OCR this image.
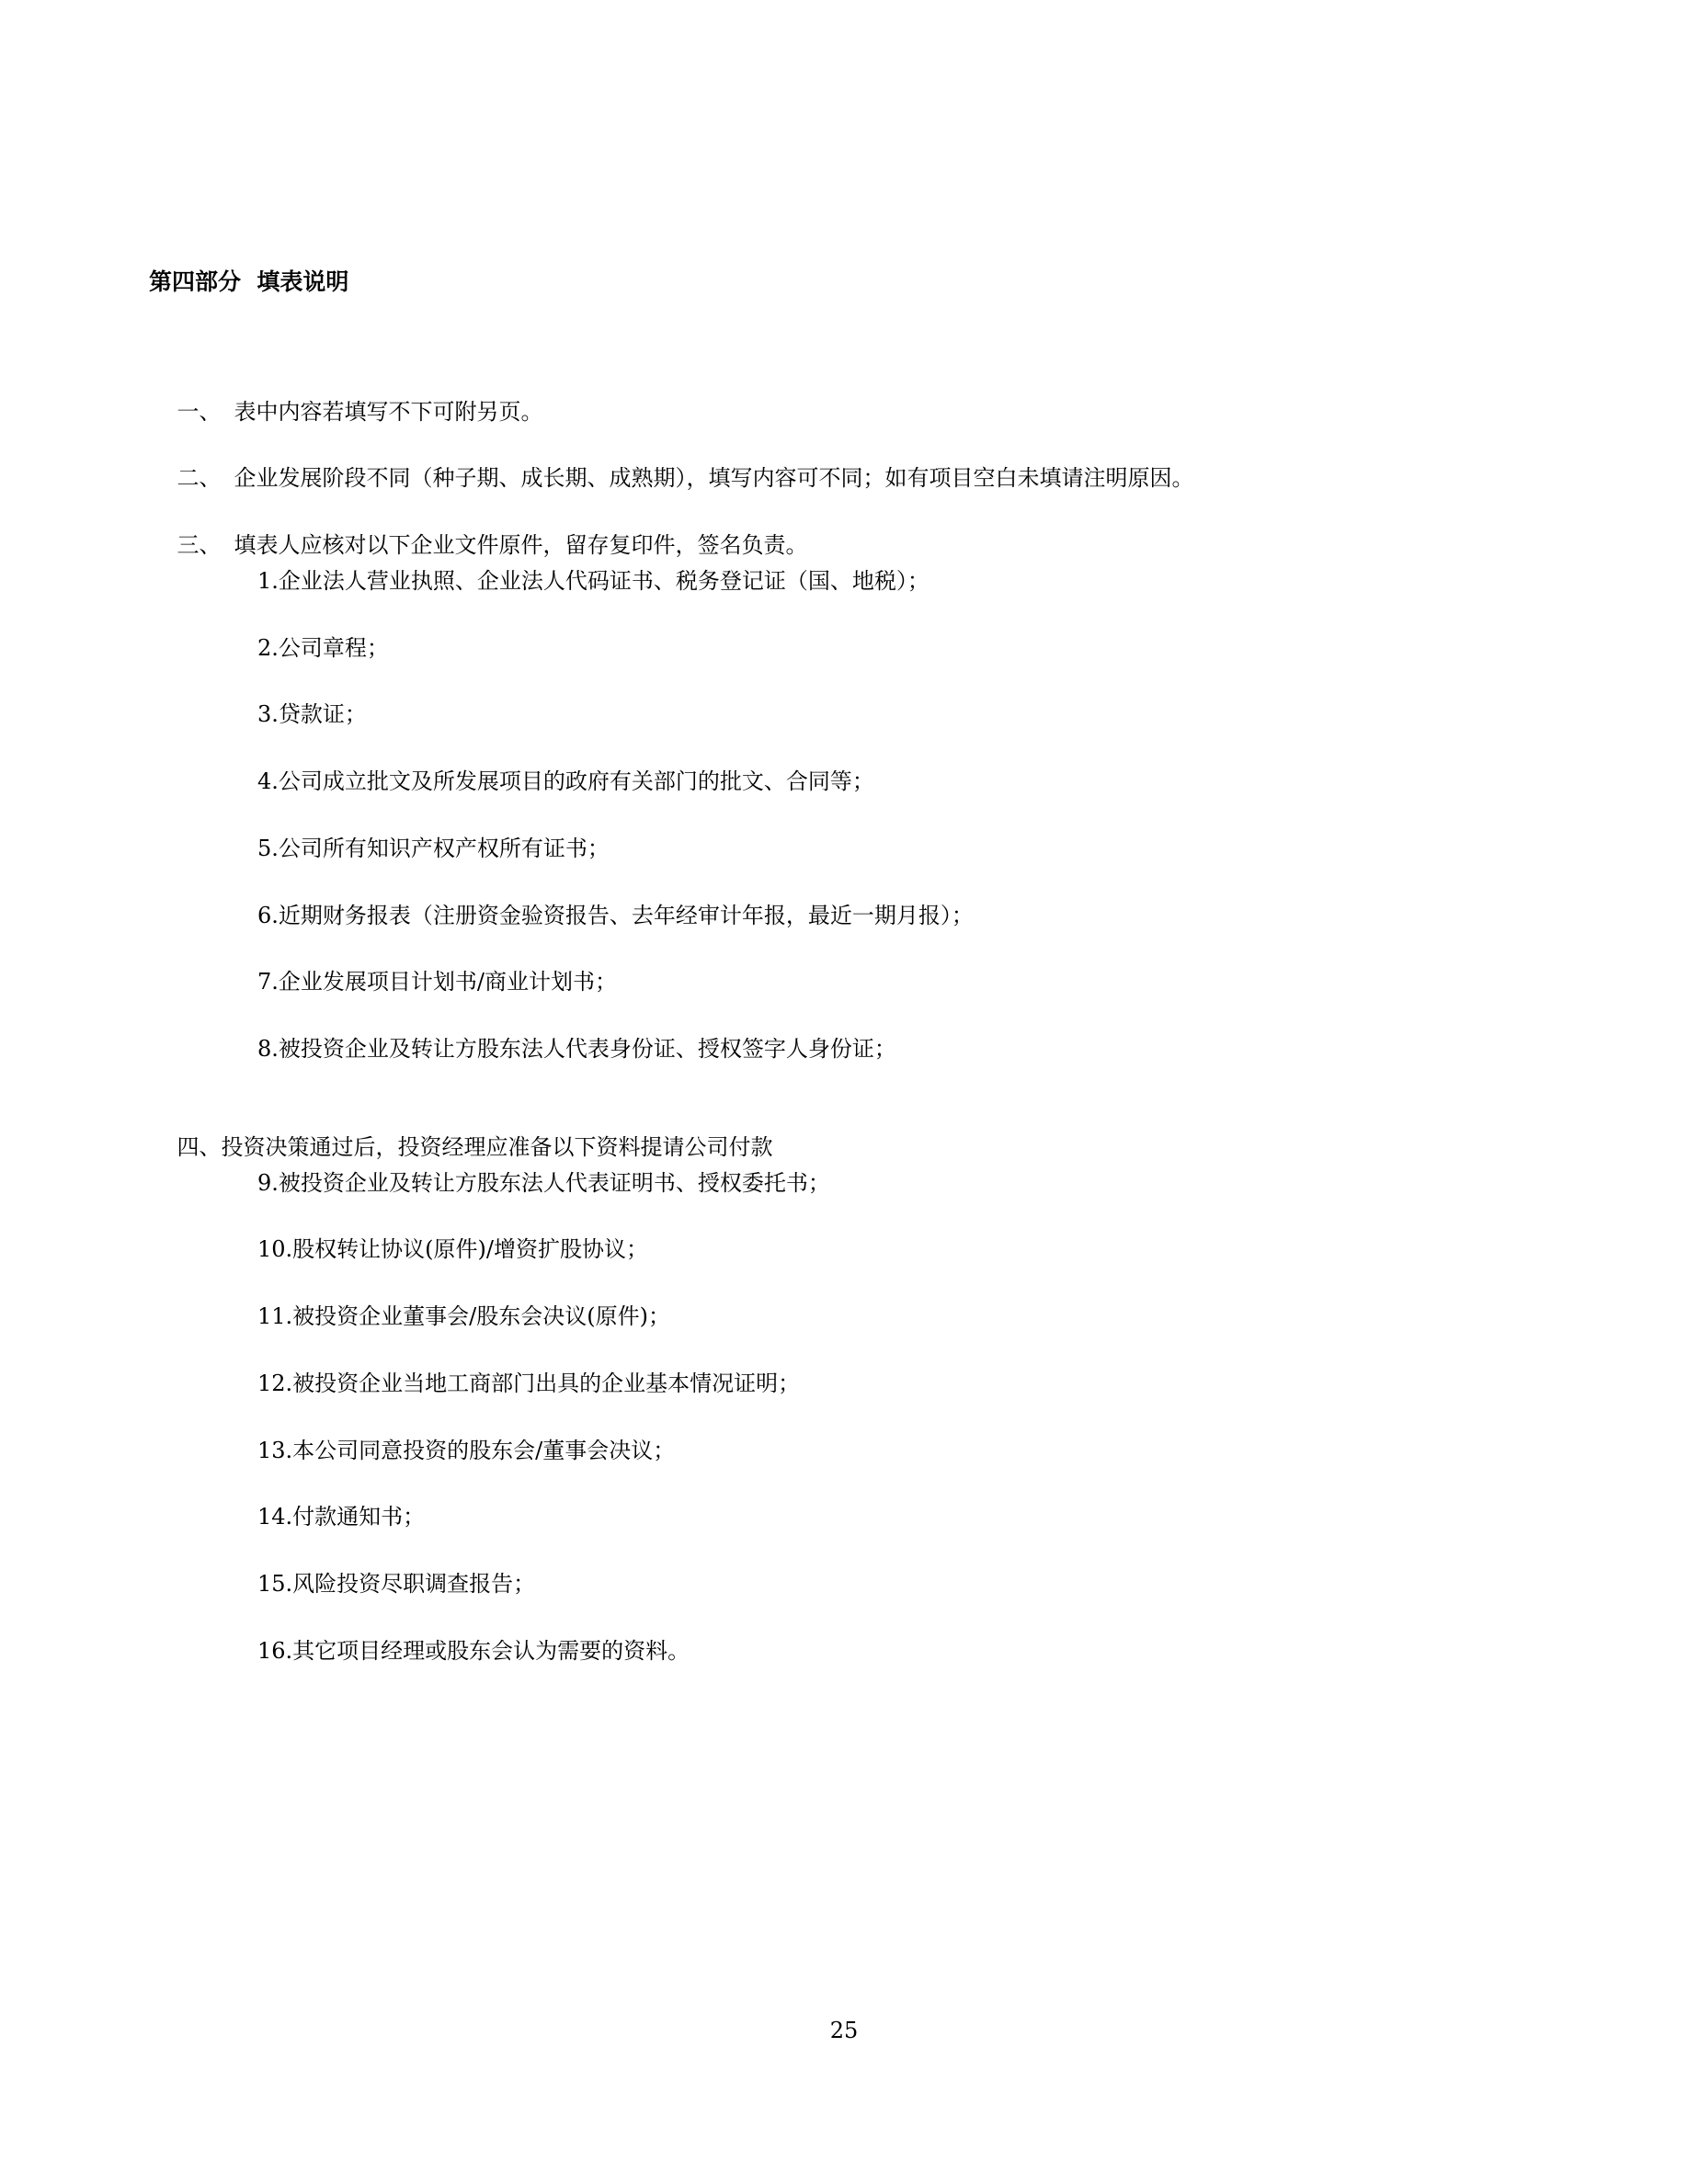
第四部分  填表说明

一、 表中内容若填写不下可附另页。

二、 企业发展阶段不同（种子期、成长期、成熟期），填写内容可不同；如有项目空白未填请注明原因。

三、 填表人应核对以下企业文件原件，留存复印件，签名负责。

1.企业法人营业执照、企业法人代码证书、税务登记证（国、地税）；
2.公司章程；
3.贷款证；
4.公司成立批文及所发展项目的政府有关部门的批文、合同等；
5.公司所有知识产权产权所有证书；
6.近期财务报表（注册资金验资报告、去年经审计年报，最近一期月报）；
7.企业发展项目计划书/商业计划书；
8.被投资企业及转让方股东法人代表身份证、授权签字人身份证；

四、投资决策通过后，投资经理应准备以下资料提请公司付款

9.被投资企业及转让方股东法人代表证明书、授权委托书；
10.股权转让协议(原件)/增资扩股协议；
11.被投资企业董事会/股东会决议(原件)；
12.被投资企业当地工商部门出具的企业基本情况证明；
13.本公司同意投资的股东会/董事会决议；
14.付款通知书；
15.风险投资尽职调查报告；
16.其它项目经理或股东会认为需要的资料。
25
